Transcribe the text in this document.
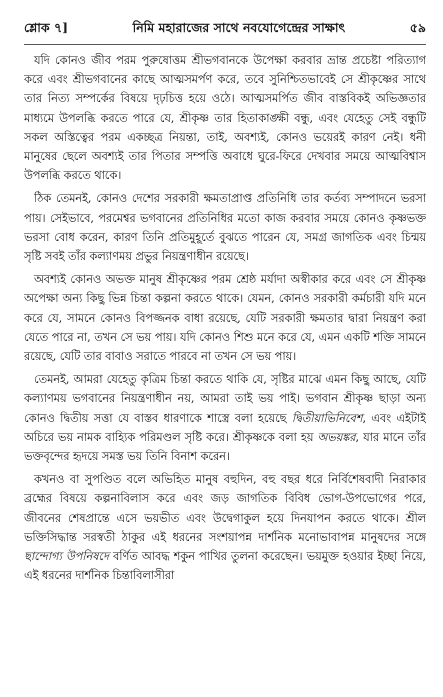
শ্লোক ৭]	নিমি মহারাজের সাথে নবযোগেন্দ্রের সাক্ষাৎ	৫৯

যদি কোনও জীব পরম পুরুষোত্তম শ্রীভগবানকে উপেক্ষা করবার ভ্রান্ত প্রচেষ্টা পরিত্যাগ করে এবং শ্রীভগবানের কাছে আত্মসমর্পণ করে, তবে সুনিশ্চিতভাবেই সে শ্রীকৃষ্ণের সাথে তার নিত্য সম্পর্কের বিষয়ে দৃঢ়চিত্ত হয়ে ওঠে। আত্মসমর্পিত জীব বাস্তবিকই অভিজ্ঞতার মাধ্যমে উপলব্ধি করতে পারে যে, শ্রীকৃষ্ণ তার হিতাকাঙ্ক্ষী বন্ধু, এবং যেহেতু সেই বন্ধুটি সকল অস্তিত্বের পরম একচ্ছত্র নিয়ন্তা, তাই, অবশ্যই, কোনও ভয়েরই কারণ নেই। ধনী মানুষের ছেলে অবশ্যই তার পিতার সম্পত্তি অবাধে ঘুরে-ফিরে দেখবার সময়ে আত্মবিশ্বাস উপলব্ধি করতে থাকে।

ঠিক তেমনই, কোনও দেশের সরকারী ক্ষমতাপ্রাপ্ত প্রতিনিধি তার কর্তব্য সম্পাদনে ভরসা পায়। সেইভাবে, পরমেশ্বর ভগবানের প্রতিনিধির মতো কাজ করবার সময়ে কোনও কৃষ্ণভক্ত ভরসা বোধ করেন, কারণ তিনি প্রতিমুহূর্তে বুঝতে পারেন যে, সমগ্র জাগতিক এবং চিন্ময় সৃষ্টি সবই তাঁর কল্যাণময় প্রভুর নিয়ন্ত্রণাধীন রয়েছে।

অবশ্যই কোনও অভক্ত মানুষ শ্রীকৃষ্ণের পরম শ্রেষ্ঠ মর্যাদা অস্বীকার করে এবং সে শ্রীকৃষ্ণ অপেক্ষা অন্য কিছু ভিন্ন চিন্তা কল্পনা করতে থাকে। যেমন, কোনও সরকারী কর্মচারী যদি মনে করে যে, সামনে কোনও বিপজ্জনক বাধা রয়েছে, যেটি সরকারী ক্ষমতার দ্বারা নিয়ন্ত্রণ করা যেতে পারে না, তখন সে ভয় পায়। যদি কোনও শিশু মনে করে যে, এমন একটি শক্তি সামনে রয়েছে, যেটি তার বাবাও সরাতে পারবে না তখন সে ভয় পায়।

তেমনই, আমরা যেহেতু কৃত্রিম চিন্তা করতে থাকি যে, সৃষ্টির মাঝে এমন কিছু আছে, যেটি কল্যাণময় ভগবানের নিয়ন্ত্রণাধীন নয়, আমরা তাই ভয় পাই। ভগবান শ্রীকৃষ্ণ ছাড়া অন্য কোনও দ্বিতীয় সত্তা যে বাস্তব ধারণাকে শাস্ত্রে বলা হয়েছে দ্বিতীয়াভিনিবেশ, এবং এইটাই অচিরে ভয় নামক বাহ্যিক পরিমণ্ডল সৃষ্টি করে। শ্রীকৃষ্ণকে বলা হয় অভয়ঙ্কর, যার মানে তাঁর ভক্তবৃন্দের হৃদয়ে সমস্ত ভয় তিনি বিনাশ করেন।

কখনও বা সুপণ্ডিত বলে অভিহিত মানুষ বহুদিন, বহু বছর ধরে নির্বিশেষবাদী নিরাকার ব্রহ্মের বিষয়ে কল্পনাবিলাস করে এবং জড় জাগতিক বিবিধ ভোগ-উপভোগের পরে, জীবনের শেষপ্রান্তে এসে ভয়ভীত এবং উদ্বেগাকুল হয়ে দিনযাপন করতে থাকে। শ্রীল ভক্তিসিদ্ধান্ত সরস্বতী ঠাকুর এই ধরনের সংশয়াপন্ন দার্শনিক মনোভাবাপন্ন মানুষদের সঙ্গে ছান্দোগ্য উপনিষদে বর্ণিত আবদ্ধ শকুন পাখির তুলনা করেছেন। ভয়মুক্ত হওয়ার ইচ্ছা নিয়ে, এই ধরনের দার্শনিক চিন্তাবিলাসীরা
